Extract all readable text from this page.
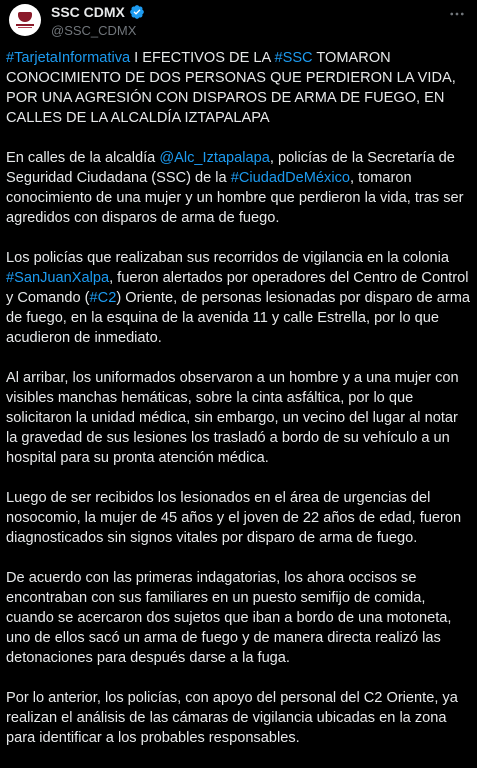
SSC CDMX
@SSC_CDMX

#TarjetaInformativa I EFECTIVOS DE LA #SSC TOMARON CONOCIMIENTO DE DOS PERSONAS QUE PERDIERON LA VIDA, POR UNA AGRESIÓN CON DISPAROS DE ARMA DE FUEGO, EN CALLES DE LA ALCALDÍA IZTAPALAPA

En calles de la alcaldía @Alc_Iztapalapa, policías de la Secretaría de Seguridad Ciudadana (SSC) de la #CiudadDeMéxico, tomaron conocimiento de una mujer y un hombre que perdieron la vida, tras ser agredidos con disparos de arma de fuego.

Los policías que realizaban sus recorridos de vigilancia en la colonia #SanJuanXalpa, fueron alertados por operadores del Centro de Control y Comando (#C2) Oriente, de personas lesionadas por disparo de arma de fuego, en la esquina de la avenida 11 y calle Estrella, por lo que acudieron de inmediato.

Al arribar, los uniformados observaron a un hombre y a una mujer con visibles manchas hemáticas, sobre la cinta asfáltica, por lo que solicitaron la unidad médica, sin embargo, un vecino del lugar al notar la gravedad de sus lesiones los trasladó a bordo de su vehículo a un hospital para su pronta atención médica.

Luego de ser recibidos los lesionados en el área de urgencias del nosocomio, la mujer de 45 años y el joven de 22 años de edad, fueron diagnosticados sin signos vitales por disparo de arma de fuego.

De acuerdo con las primeras indagatorias, los ahora occisos se encontraban con sus familiares en un puesto semifijo de comida, cuando se acercaron dos sujetos que iban a bordo de una motoneta, uno de ellos sacó un arma de fuego y de manera directa realizó las detonaciones para después darse a la fuga.

Por lo anterior, los policías, con apoyo del personal del C2 Oriente, ya realizan el análisis de las cámaras de vigilancia ubicadas en la zona para identificar a los probables responsables.
